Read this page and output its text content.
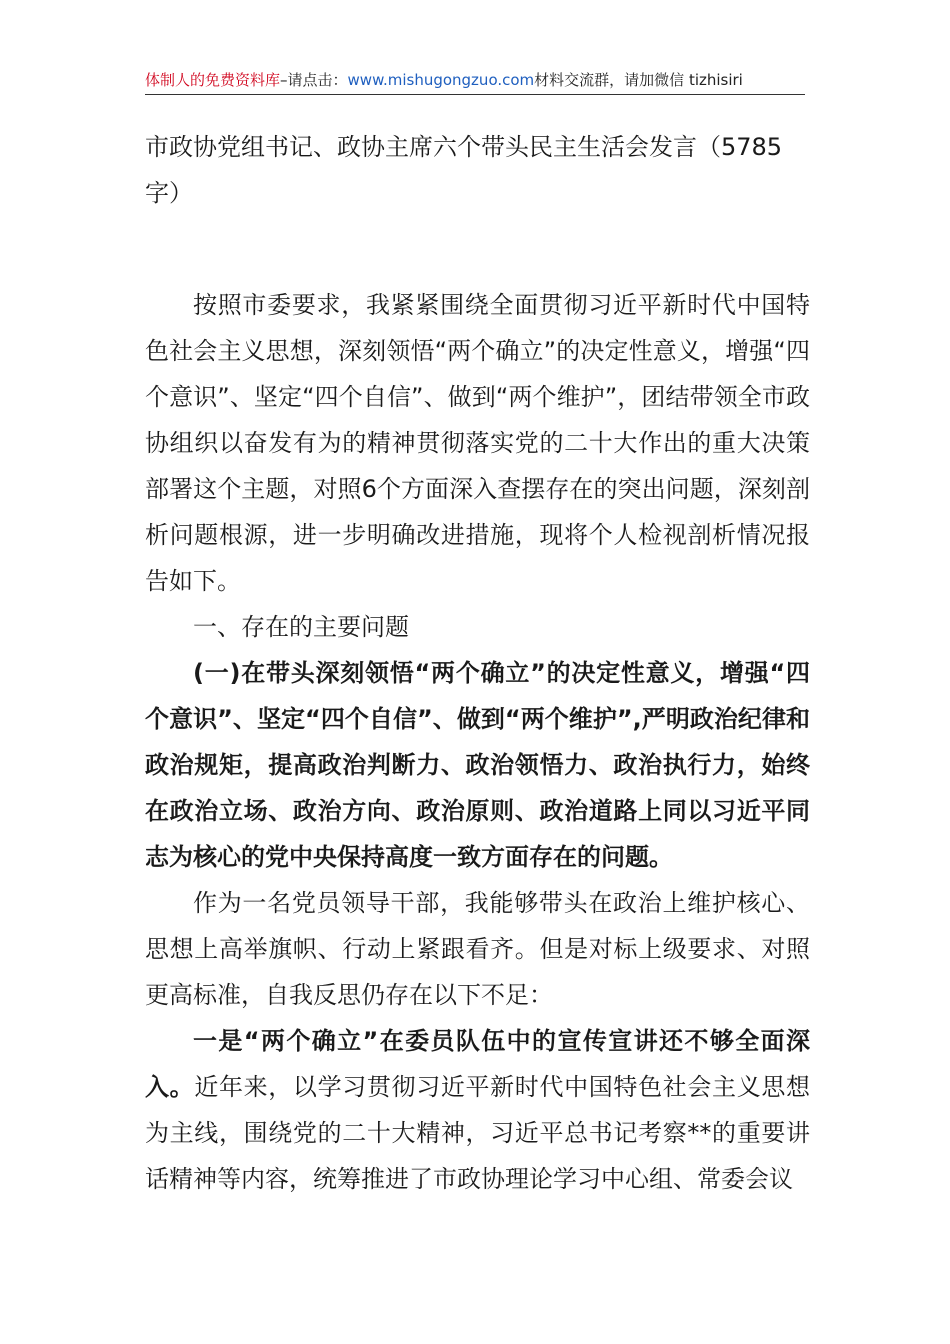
体制人的免费资料库–请点击：www.mishugongzuo.com材料交流群，请加微信 tizhisiri

市政协党组书记、政协主席六个带头民主生活会发言（5785字）

按照市委要求，我紧紧围绕全面贯彻习近平新时代中国特色社会主义思想，深刻领悟“两个确立”的决定性意义，增强“四个意识”、坚定“四个自信”、做到“两个维护”，团结带领全市政协组织以奋发有为的精神贯彻落实党的二十大作出的重大决策部署这个主题，对照6个方面深入查摆存在的突出问题，深刻剖析问题根源，进一步明确改进措施，现将个人检视剖析情况报告如下。

一、存在的主要问题

(一)在带头深刻领悟“两个确立”的决定性意义，增强“四个意识”、坚定“四个自信”、做到“两个维护”,严明政治纪律和政治规矩，提高政治判断力、政治领悟力、政治执行力，始终在政治立场、政治方向、政治原则、政治道路上同以习近平同志为核心的党中央保持高度一致方面存在的问题。

作为一名党员领导干部，我能够带头在政治上维护核心、思想上高举旗帜、行动上紧跟看齐。但是对标上级要求、对照更高标准，自我反思仍存在以下不足：

一是“两个确立”在委员队伍中的宣传宣讲还不够全面深入。近年来，以学习贯彻习近平新时代中国特色社会主义思想为主线，围绕党的二十大精神，习近平总书记考察**的重要讲话精神等内容，统筹推进了市政协理论学习中心组、常委会议
